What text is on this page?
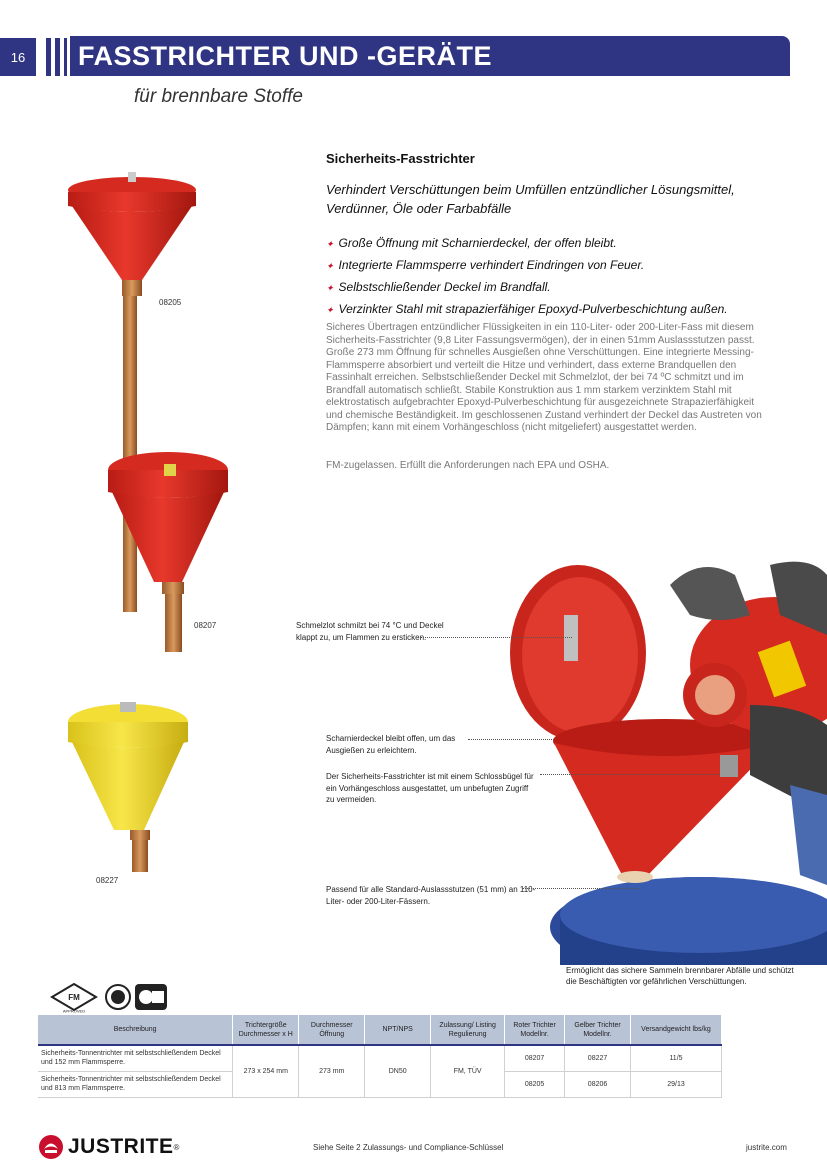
16	FASSTRICHTER UND -GERÄTE
für brennbare Stoffe
08205
08207
08227
Sicherheits-Fasstrichter
Verhindert Verschüttungen beim Umfüllen entzündlicher Lösungsmittel, Verdünner, Öle oder Farbabfälle
✦ Große Öffnung mit Scharnierdeckel, der offen bleibt.
✦ Integrierte Flammsperre verhindert Eindringen von Feuer.
✦ Selbstschließender Deckel im Brandfall.
✦ Verzinkter Stahl mit strapazierfähiger Epoxyd-Pulverbeschichtung außen.
Sicheres Übertragen entzündlicher Flüssigkeiten in ein 110-Liter- oder 200-Liter-Fass mit diesem Sicherheits-Fasstrichter (9,8 Liter Fassungsvermögen), der in einen 51mm Auslassstutzen passt. Große 273 mm Öffnung für schnelles Ausgießen ohne Verschüttungen. Eine integrierte Messing-Flammsperre absorbiert und verteilt die Hitze und verhindert, dass externe Brandquellen den Fassinhalt erreichen. Selbstschließender Deckel mit Schmelzlot, der bei 74 ºC schmitzt und im Brandfall automatisch schließt. Stabile Konstruktion aus 1 mm starkem verzinktem Stahl mit elektrostatisch aufgebrachter Epoxyd-Pulverbeschichtung für ausgezeichnete Strapazierfähigkeit und chemische Beständigkeit. Im geschlossenen Zustand verhindert der Deckel das Austreten von Dämpfen; kann mit einem Vorhängeschloss (nicht mitgeliefert) ausgestattet werden.
FM-zugelassen. Erfüllt die Anforderungen nach EPA und OSHA.
Schmelzlot schmilzt bei 74 °C und Deckel klappt zu, um Flammen zu ersticken.
Scharnierdeckel bleibt offen, um das Ausgießen zu erleichtern.
Der Sicherheits-Fasstrichter ist mit einem Schlossbügel für ein Vorhängeschloss ausgestattet, um unbefugten Zugriff zu vermeiden.
Passend für alle Standard-Auslassstutzen (51 mm) an 110-Liter- oder 200-Liter-Fässern.
Ermöglicht das sichere Sammeln brennbarer Abfälle und schützt die Beschäftigten vor gefährlichen Verschüttungen.
FM
APPROVED
Beschreibung	Trichtergröße Durchmesser x H	Durchmesser Öffnung	NPT/NPS	Zulassung/ Listing Regulierung	Roter Trichter Modellnr.	Gelber Trichter Modellnr.	Versandgewicht lbs/kg
Sicherheits-Tonnentrichter mit selbstschließendem Deckel und 152 mm Flammsperre.	273 x 254 mm	273 mm	DN50	FM, TÜV	08207	08227	11/5
Sicherheits-Tonnentrichter mit selbstschließendem Deckel und 813 mm Flammsperre.					08205	08206	29/13
JUSTRITE ®	Siehe Seite 2 Zulassungs- und Compliance-Schlüssel	justrite.com
